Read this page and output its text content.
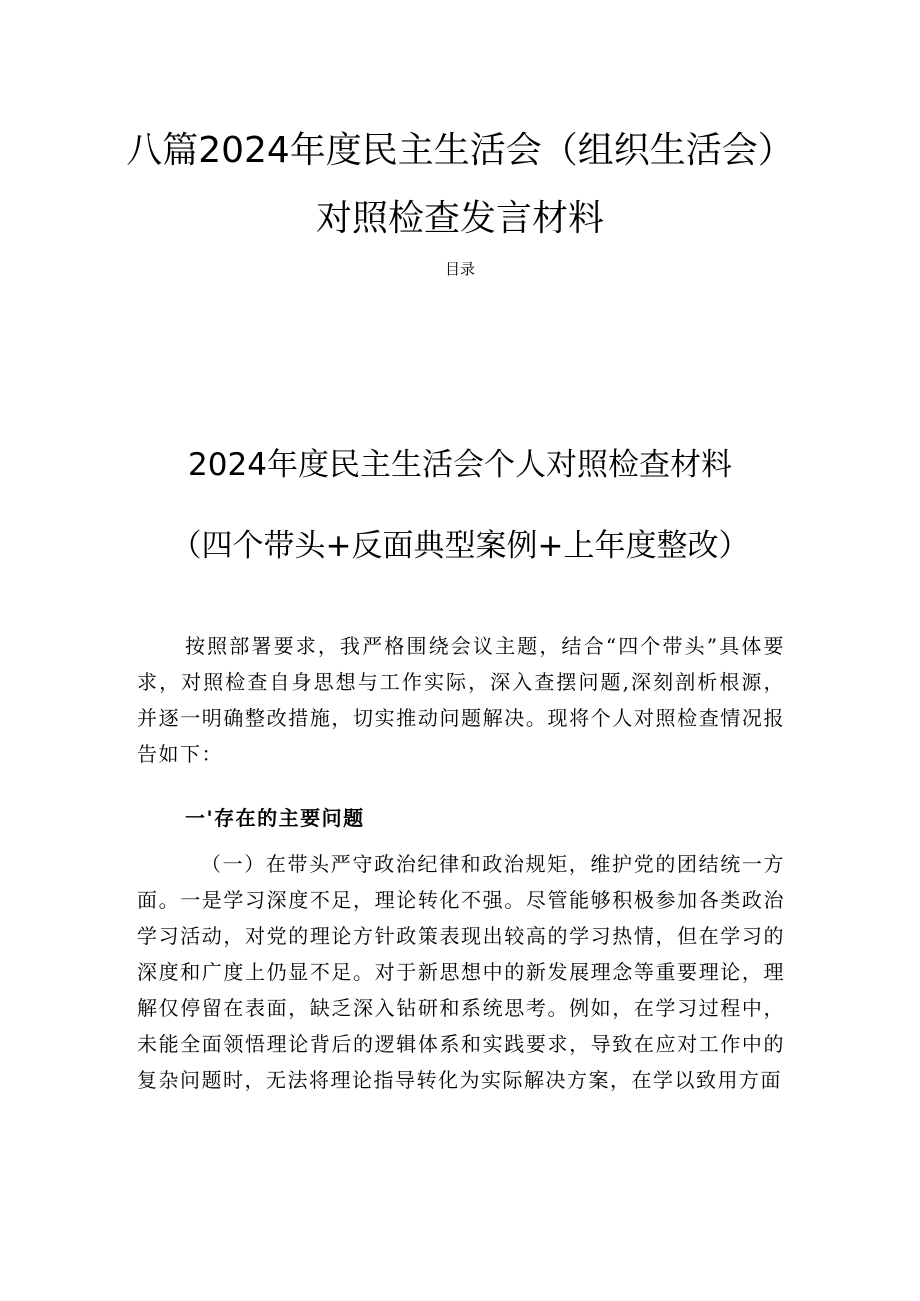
八篇2024年度民主生活会（组织生活会）
对照检查发言材料
目录
2024年度民主生活会个人对照检查材料
（四个带头+反面典型案例+上年度整改）
按照部署要求，我严格围绕会议主题，结合“四个带头”具体要求，对照检查自身思想与工作实际，深入查摆问题,深刻剖析根源，并逐一明确整改措施，切实推动问题解决。现将个人对照检查情况报告如下：
一'存在的主要问题
（一）在带头严守政治纪律和政治规矩，维护党的团结统一方面。一是学习深度不足，理论转化不强。尽管能够积极参加各类政治学习活动，对党的理论方针政策表现出较高的学习热情，但在学习的深度和广度上仍显不足。对于新思想中的新发展理念等重要理论，理解仅停留在表面，缺乏深入钻研和系统思考。例如，在学习过程中，未能全面领悟理论背后的逻辑体系和实践要求，导致在应对工作中的复杂问题时，无法将理论指导转化为实际解决方案，在学以致用方面
